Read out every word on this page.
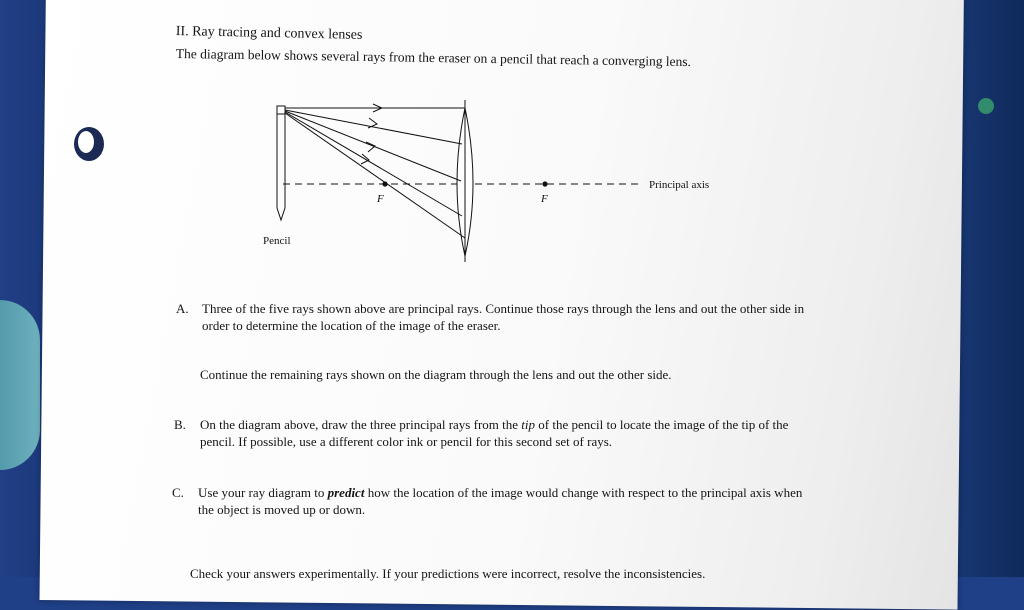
II. Ray tracing and convex lenses
The diagram below shows several rays from the eraser on a pencil that reach a converging lens.
F	F
Principal axis
Pencil
A. Three of the five rays shown above are principal rays. Continue those rays through the lens and out the other side in order to determine the location of the image of the eraser.
Continue the remaining rays shown on the diagram through the lens and out the other side.
B. On the diagram above, draw the three principal rays from the tip of the pencil to locate the image of the tip of the pencil. If possible, use a different color ink or pencil for this second set of rays.
C. Use your ray diagram to predict how the location of the image would change with respect to the principal axis when the object is moved up or down.
Check your answers experimentally. If your predictions were incorrect, resolve the inconsistencies.
